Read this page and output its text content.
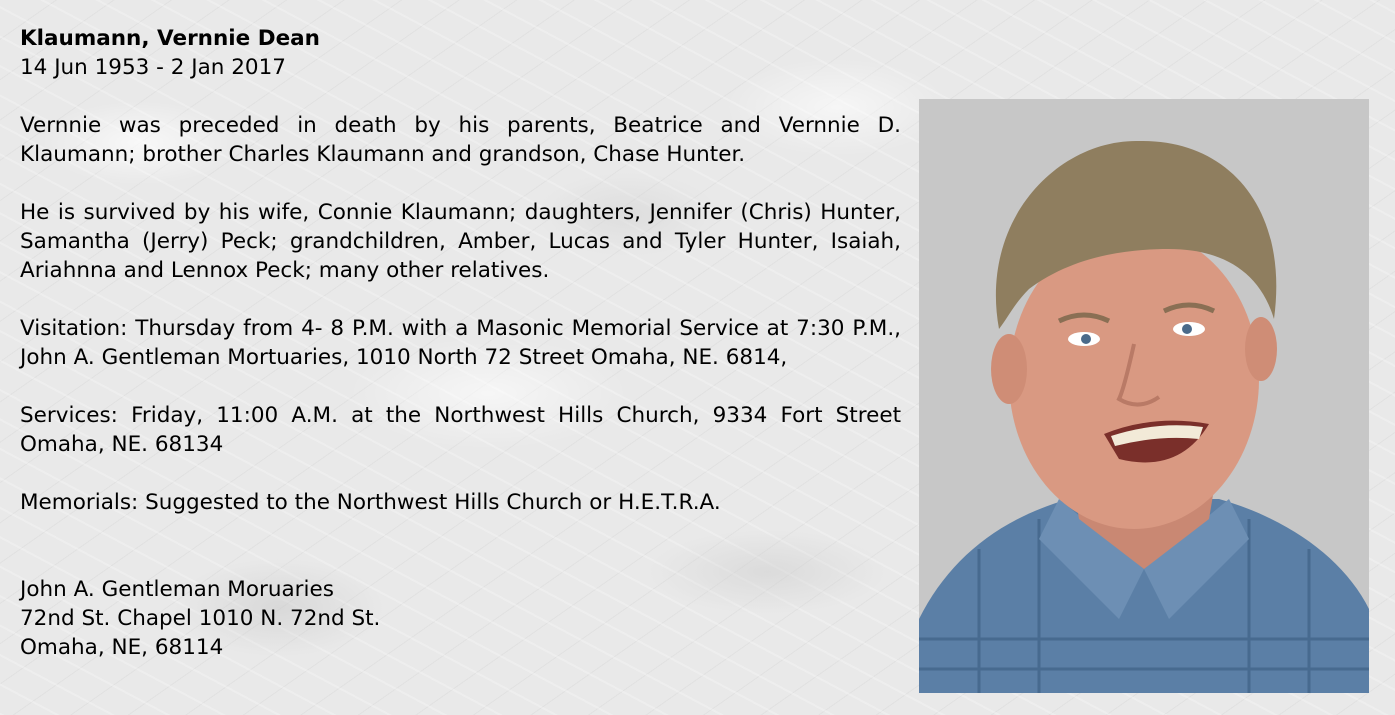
Klaumann, Vernnie Dean

14 Jun 1953 - 2 Jan 2017

Vernnie was preceded in death by his parents, Beatrice and Vernnie D. Klaumann; brother Charles Klaumann and grandson, Chase Hunter.

He is survived by his wife, Connie Klaumann; daughters, Jennifer (Chris) Hunter, Samantha (Jerry) Peck; grandchildren, Amber, Lucas and Tyler Hunter, Isaiah, Ariahnna and Lennox Peck; many other relatives.

Visitation: Thursday from 4- 8 P.M. with a Masonic Memorial Service at 7:30 P.M., John A. Gentleman Mortuaries, 1010 North 72 Street Omaha, NE. 6814,

Services: Friday, 11:00 A.M. at the Northwest Hills Church, 9334 Fort Street Omaha, NE. 68134

Memorials: Suggested to the Northwest Hills Church or H.E.T.R.A.

John A. Gentleman Moruaries

72nd St. Chapel 1010 N. 72nd St.

Omaha, NE, 68114
